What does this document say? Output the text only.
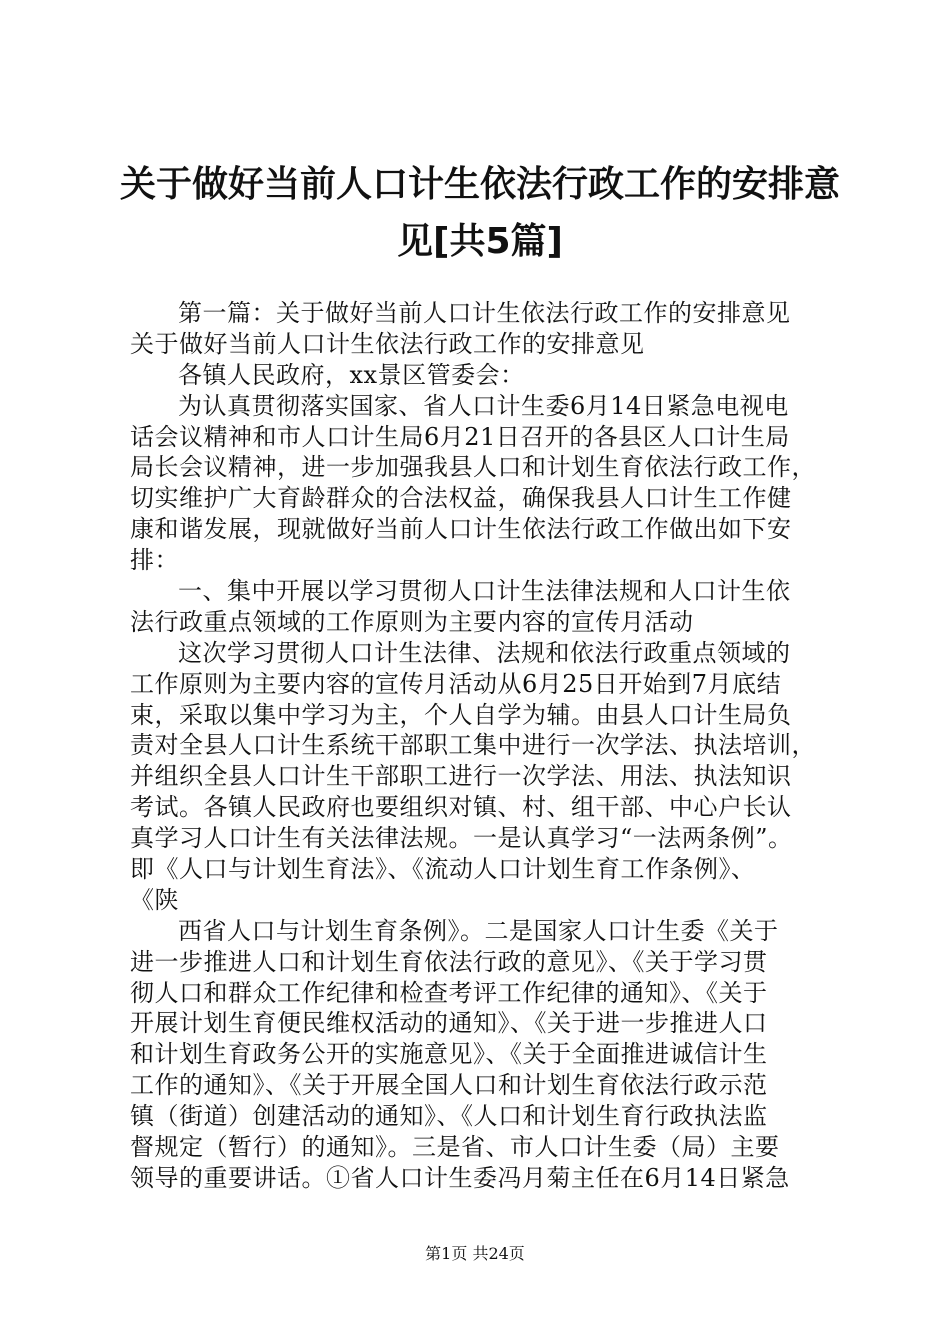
关于做好当前人口计生依法行政工作的安排意
见[共5篇]
第一篇：关于做好当前人口计生依法行政工作的安排意见
关于做好当前人口计生依法行政工作的安排意见
各镇人民政府，xx景区管委会：
为认真贯彻落实国家、省人口计生委6月14日紧急电视电
话会议精神和市人口计生局6月21日召开的各县区人口计生局
局长会议精神，进一步加强我县人口和计划生育依法行政工作，
切实维护广大育龄群众的合法权益，确保我县人口计生工作健
康和谐发展，现就做好当前人口计生依法行政工作做出如下安
排：
一、集中开展以学习贯彻人口计生法律法规和人口计生依
法行政重点领域的工作原则为主要内容的宣传月活动
这次学习贯彻人口计生法律、法规和依法行政重点领域的
工作原则为主要内容的宣传月活动从6月25日开始到7月底结
束，采取以集中学习为主，个人自学为辅。由县人口计生局负
责对全县人口计生系统干部职工集中进行一次学法、执法培训，
并组织全县人口计生干部职工进行一次学法、用法、执法知识
考试。各镇人民政府也要组织对镇、村、组干部、中心户长认
真学习人口计生有关法律法规。一是认真学习“一法两条例”。
即《人口与计划生育法》、《流动人口计划生育工作条例》、
《陕
西省人口与计划生育条例》。二是国家人口计生委《关于
进一步推进人口和计划生育依法行政的意见》、《关于学习贯
彻人口和群众工作纪律和检查考评工作纪律的通知》、《关于
开展计划生育便民维权活动的通知》、《关于进一步推进人口
和计划生育政务公开的实施意见》、《关于全面推进诚信计生
工作的通知》、《关于开展全国人口和计划生育依法行政示范
镇（街道）创建活动的通知》、《人口和计划生育行政执法监
督规定（暂行）的通知》。三是省、市人口计生委（局）主要
领导的重要讲话。①省人口计生委冯月菊主任在6月14日紧急
第1页 共24页
